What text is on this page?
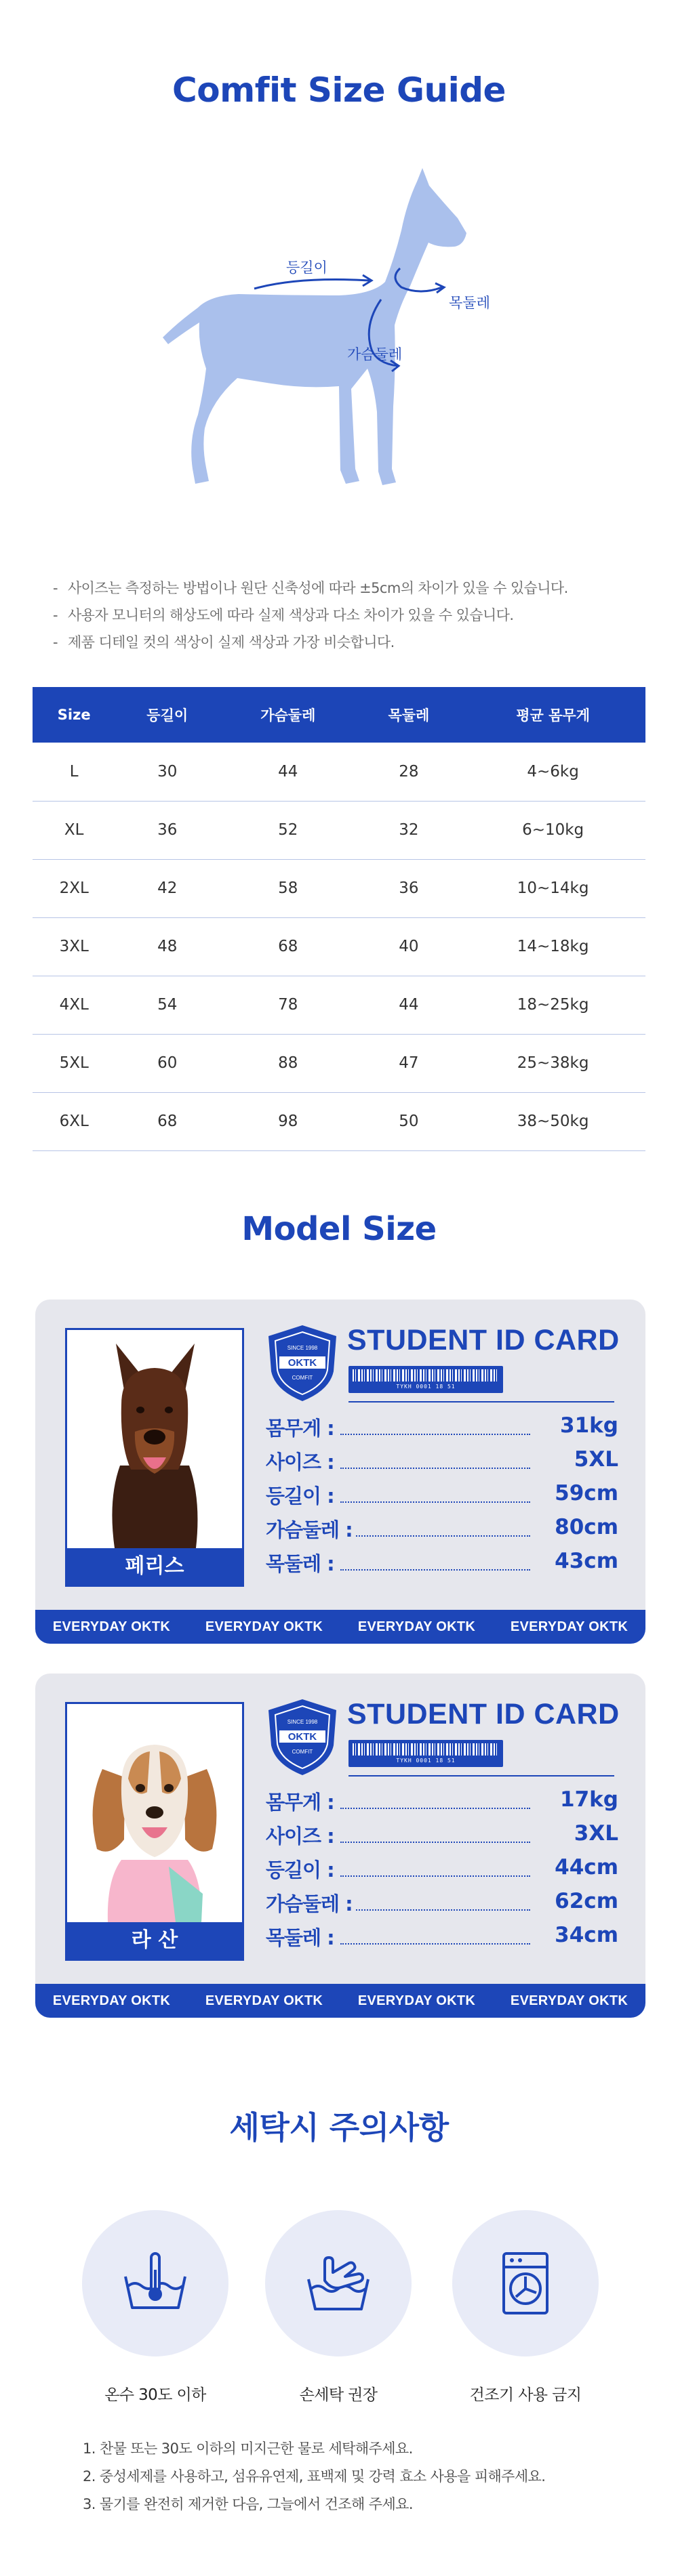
Comfit Size Guide
등길이
목둘레
가슴둘레
- 사이즈는 측정하는 방법이나 원단 신축성에 따라 ±5cm의 차이가 있을 수 있습니다.
- 사용자 모니터의 해상도에 따라 실제 색상과 다소 차이가 있을 수 있습니다.
- 제품 디테일 컷의 색상이 실제 색상과 가장 비슷합니다.
Size	등길이	가슴둘레	목둘레	평균 몸무게
L	30	44	28	4~6kg
XL	36	52	32	6~10kg
2XL	42	58	36	10~14kg
3XL	48	68	40	14~18kg
4XL	54	78	44	18~25kg
5XL	60	88	47	25~38kg
6XL	68	98	50	38~50kg
Model Size
페리스
OKTK
SINCE 1998
COMFIT
STUDENT ID CARD
TYKH 0001 18 51
몸무게 :	31kg
사이즈 :	5XL
등길이 :	59cm
가슴둘레 :	80cm
목둘레 :	43cm
EVERYDAY OKTK	EVERYDAY OKTK	EVERYDAY OKTK	EVERYDAY OKTK
라 산
OKTK
SINCE 1998
COMFIT
STUDENT ID CARD
TYKH 0001 18 51
몸무게 :	17kg
사이즈 :	3XL
등길이 :	44cm
가슴둘레 :	62cm
목둘레 :	34cm
EVERYDAY OKTK	EVERYDAY OKTK	EVERYDAY OKTK	EVERYDAY OKTK
세탁시 주의사항
온수 30도 이하	손세탁 권장	건조기 사용 금지
1. 찬물 또는 30도 이하의 미지근한 물로 세탁해주세요.
2. 중성세제를 사용하고, 섬유유연제, 표백제 및 강력 효소 사용을 피해주세요.
3. 물기를 완전히 제거한 다음, 그늘에서 건조해 주세요.
